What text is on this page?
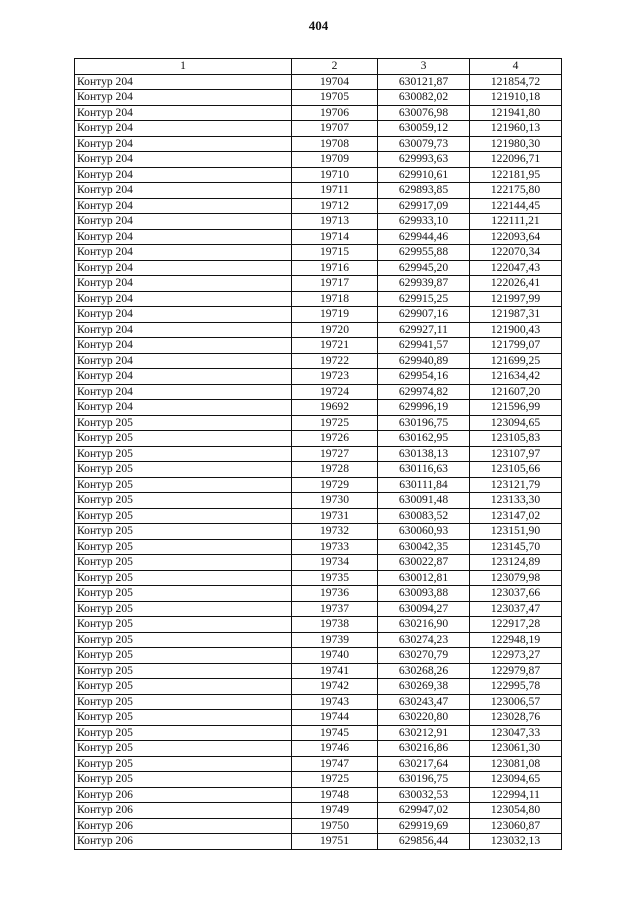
404
1	2	3	4
Контур 204	19704	630121,87	121854,72
Контур 204	19705	630082,02	121910,18
Контур 204	19706	630076,98	121941,80
Контур 204	19707	630059,12	121960,13
Контур 204	19708	630079,73	121980,30
Контур 204	19709	629993,63	122096,71
Контур 204	19710	629910,61	122181,95
Контур 204	19711	629893,85	122175,80
Контур 204	19712	629917,09	122144,45
Контур 204	19713	629933,10	122111,21
Контур 204	19714	629944,46	122093,64
Контур 204	19715	629955,88	122070,34
Контур 204	19716	629945,20	122047,43
Контур 204	19717	629939,87	122026,41
Контур 204	19718	629915,25	121997,99
Контур 204	19719	629907,16	121987,31
Контур 204	19720	629927,11	121900,43
Контур 204	19721	629941,57	121799,07
Контур 204	19722	629940,89	121699,25
Контур 204	19723	629954,16	121634,42
Контур 204	19724	629974,82	121607,20
Контур 204	19692	629996,19	121596,99
Контур 205	19725	630196,75	123094,65
Контур 205	19726	630162,95	123105,83
Контур 205	19727	630138,13	123107,97
Контур 205	19728	630116,63	123105,66
Контур 205	19729	630111,84	123121,79
Контур 205	19730	630091,48	123133,30
Контур 205	19731	630083,52	123147,02
Контур 205	19732	630060,93	123151,90
Контур 205	19733	630042,35	123145,70
Контур 205	19734	630022,87	123124,89
Контур 205	19735	630012,81	123079,98
Контур 205	19736	630093,88	123037,66
Контур 205	19737	630094,27	123037,47
Контур 205	19738	630216,90	122917,28
Контур 205	19739	630274,23	122948,19
Контур 205	19740	630270,79	122973,27
Контур 205	19741	630268,26	122979,87
Контур 205	19742	630269,38	122995,78
Контур 205	19743	630243,47	123006,57
Контур 205	19744	630220,80	123028,76
Контур 205	19745	630212,91	123047,33
Контур 205	19746	630216,86	123061,30
Контур 205	19747	630217,64	123081,08
Контур 205	19725	630196,75	123094,65
Контур 206	19748	630032,53	122994,11
Контур 206	19749	629947,02	123054,80
Контур 206	19750	629919,69	123060,87
Контур 206	19751	629856,44	123032,13
